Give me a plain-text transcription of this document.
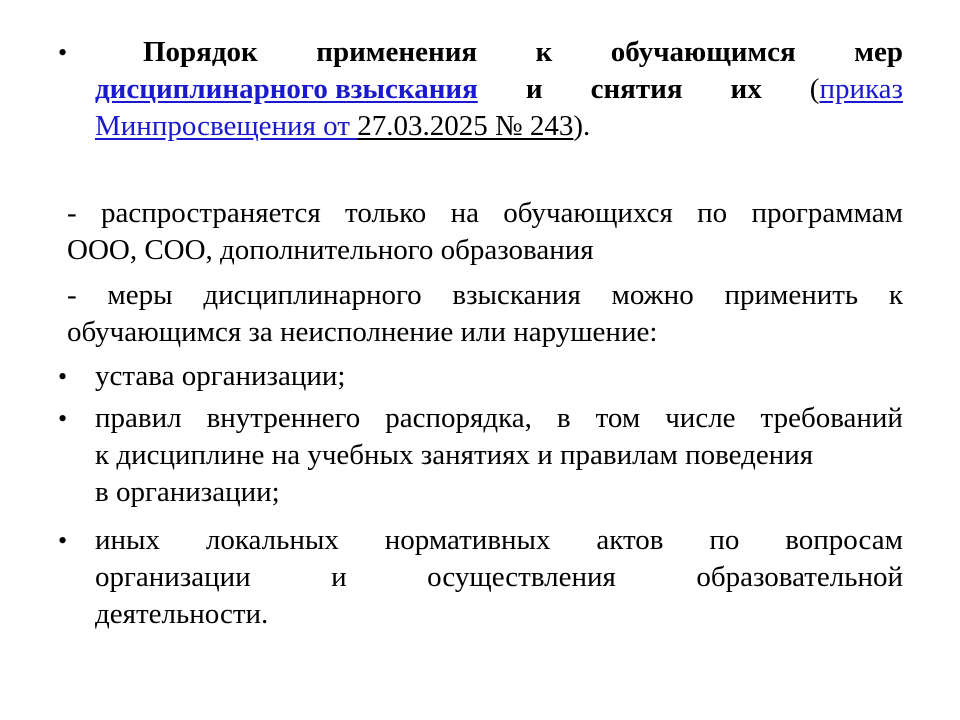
•	Порядок применения к обучающимся мер
дисциплинарного взыскания и снятия их (приказ
Минпросвещения от 27.03.2025 № 243).
- распространяется только на обучающихся по программам
ООО, СОО, дополнительного образования
- меры дисциплинарного взыскания можно применить к
обучающимся за неисполнение или нарушение:
• устава организации;
• правил внутреннего распорядка, в том числе требований
к дисциплине на учебных занятиях и правилам поведения
в организации;
• иных локальных нормативных актов по вопросам
организации	и	осуществления	образовательной
деятельности.
